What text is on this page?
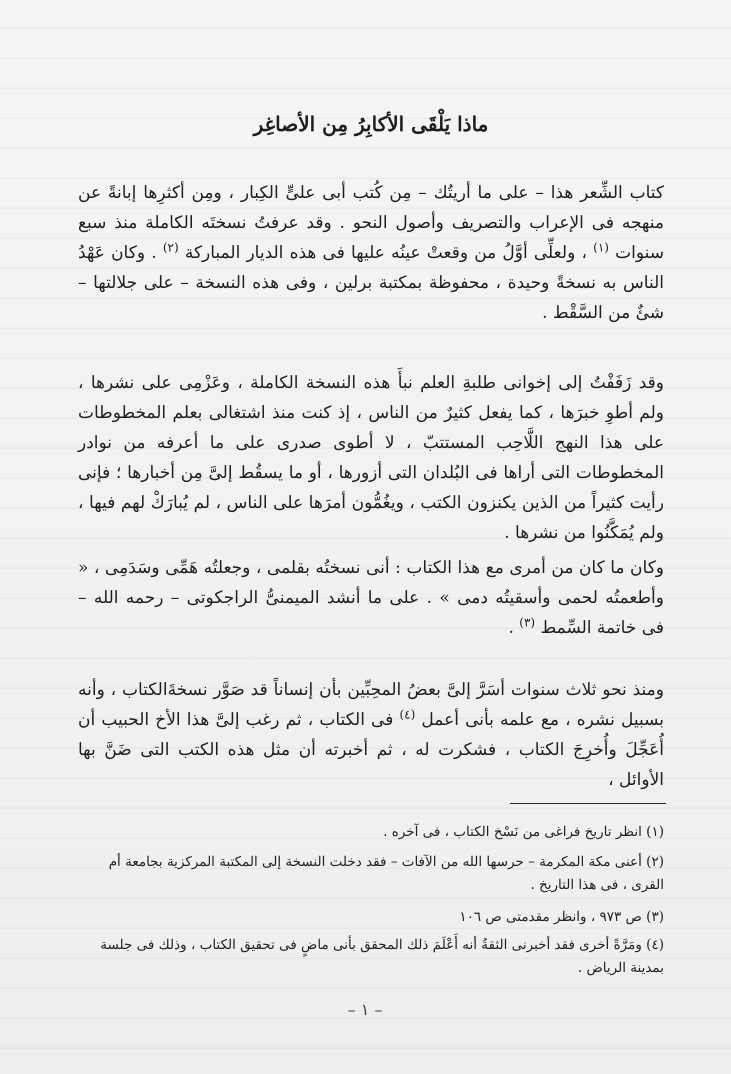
ماذا يَلْقَى الأكابِرُ مِن الأصاغِر
كتاب الشِّعر هذا – على ما أريتُك – مِن كُتب أبى علىٍّ الكِبار ، ومِن أكثرِها إبانةً عن منهجه فى الإعراب والتصريف وأصول النحو . وقد عرفتُ نسختَه الكاملة منذ سبع سنوات $^{(١)}$ ، ولعلِّى أوَّلُ من وقعتْ عينُه عليها فى هذه الديار المباركة $^{(٢)}$ . وكان عَهْدُ الناس به نسخةً وحيدة ، محفوظة بمكتبة برلين ، وفى هذه النسخة – على جلالتها – شئٌ من السَّقْط .
وقد زَفَفْتُ إلى إخوانى طلبةِ العلم نبأَ هذه النسخة الكاملة ، وعَزْمِى على نشرها ، ولم أطوِ خبرَها ، كما يفعل كثيرٌ من الناس ، إذ كنت منذ اشتغالى بعلم المخطوطات على هذا النهج اللَّاحِب المستتبّ ، لا أطوى صدرى على ما أعرفه من نوادر المخطوطات التى أراها فى البُلدان التى أزورها ، أو ما يسقُط إلىَّ مِن أخبارها ؛ فإنى رأيت كثيراً من الذين يكنزون الكتب ، ويغُمُّون أمرَها على الناس ، لم يُبارَكْ لهم فيها ، ولم يُمَكَّنُوا من نشرها .
وكان ما كان من أمرى مع هذا الكتاب : أنى نسختُه بقلمى ، وجعلتُه هَمِّى وسَدَمِى ، « وأطعمتُه لحمى وأسقيتُه دمى » . على ما أنشد الميمنىُّ الراجكوتى – رحمه الله – فى خاتمة السِّمط $^{(٣)}$ .
ومنذ نحو ثلاث سنوات أسَرَّ إلىَّ بعضُ المحِبِّين بأن إنساناً قد صَوَّر نسخةَالكتاب ، وأنه بسبيل نشره ، مع علمه بأنى أعمل $^{(٤)}$ فى الكتاب ، ثم رغب إلىَّ هذا الأخ الحبيب أن أُعَجِّلَ وأُخرِجَ الكتاب ، فشكرت له ، ثم أخبرته أن مثل هذه الكتب التى ضَنَّ بها الأوائل ،
(١) انظر تاريخ فراغى من نَسْخ الكتاب ، فى آخره .
(٢) أعنى مكة المكرمة – حرسها الله من الآفات – فقد دخلت النسخة إلى المكتبة المركزية بجامعة أم القرى ، فى هذا التاريخ .
(٣) ص ٩٧٣ ، وانظر مقدمتى ص ١٠٦
(٤) ومَرَّةً أخرى فقد أخبرنى الثقةُ أنه أَعْلَمَ ذلك المحقق بأنى ماضٍ فى تحقيق الكتاب ، وذلك فى جلسة بمدينة الرياض .
– ١ –
